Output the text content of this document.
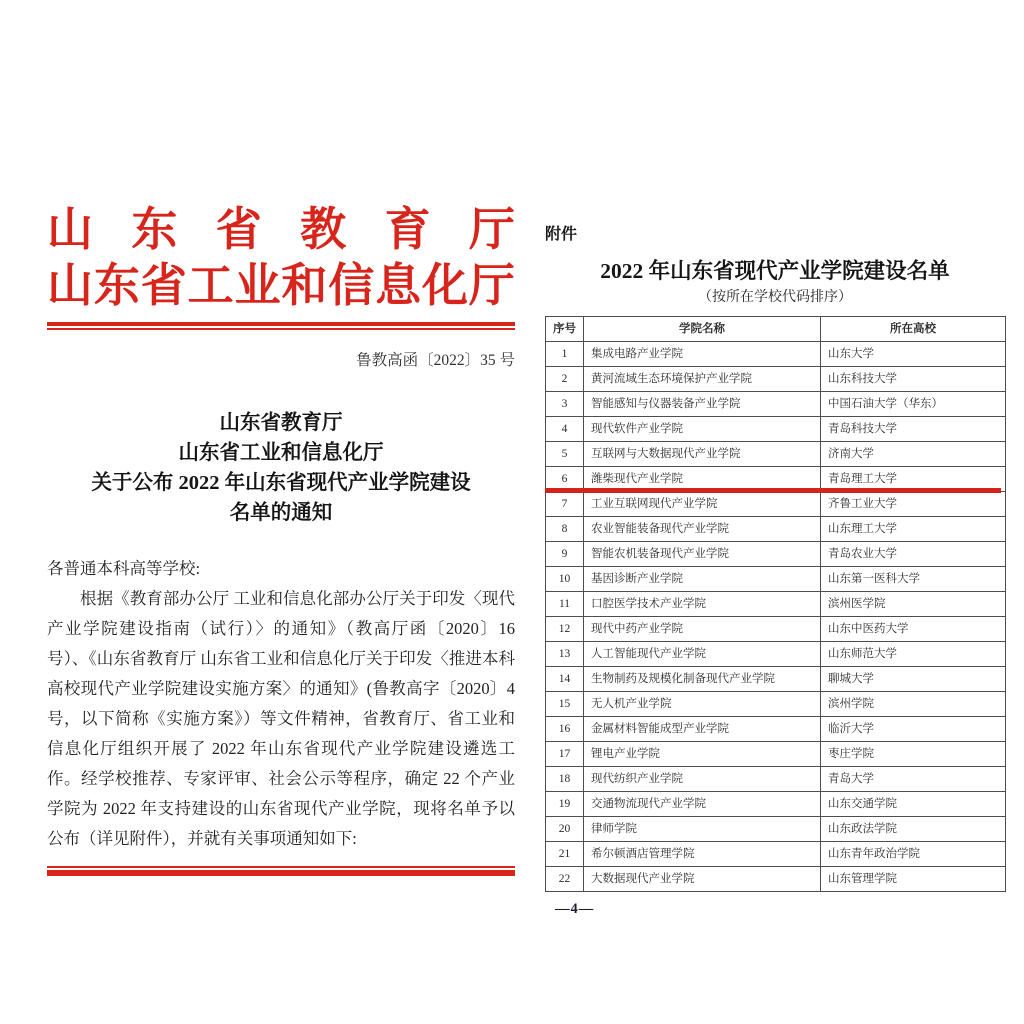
山 东 省 教 育 厅
山 东 省 工 业 和 信 息 化 厅
鲁教高函〔2022〕35 号
山东省教育厅
山东省工业和信息化厅
关于公布 2022 年山东省现代产业学院建设
名单的通知
各普通本科高等学校:
根据《教育部办公厅 工业和信息化部办公厅关于印发〈现代产业学院建设指南（试行）〉的通知》（教高厅函〔2020〕16 号）、《山东省教育厅 山东省工业和信息化厅关于印发〈推进本科高校现代产业学院建设实施方案〉的通知》(鲁教高字〔2020〕4 号，以下简称《实施方案》）等文件精神，省教育厅、省工业和信息化厅组织开展了 2022 年山东省现代产业学院建设遴选工作。经学校推荐、专家评审、社会公示等程序，确定 22 个产业学院为 2022 年支持建设的山东省现代产业学院，现将名单予以公布（详见附件），并就有关事项通知如下:
附件
2022 年山东省现代产业学院建设名单
（按所在学校代码排序）
序号	学院名称	所在高校
1	集成电路产业学院	山东大学
2	黄河流域生态环境保护产业学院	山东科技大学
3	智能感知与仪器装备产业学院	中国石油大学（华东）
4	现代软件产业学院	青岛科技大学
5	互联网与大数据现代产业学院	济南大学
6	潍柴现代产业学院	青岛理工大学
7	工业互联网现代产业学院	齐鲁工业大学
8	农业智能装备现代产业学院	山东理工大学
9	智能农机装备现代产业学院	青岛农业大学
10	基因诊断产业学院	山东第一医科大学
11	口腔医学技术产业学院	滨州医学院
12	现代中药产业学院	山东中医药大学
13	人工智能现代产业学院	山东师范大学
14	生物制药及规模化制备现代产业学院	聊城大学
15	无人机产业学院	滨州学院
16	金属材料智能成型产业学院	临沂大学
17	锂电产业学院	枣庄学院
18	现代纺织产业学院	青岛大学
19	交通物流现代产业学院	山东交通学院
20	律师学院	山东政法学院
21	希尔顿酒店管理学院	山东青年政治学院
22	大数据现代产业学院	山东管理学院
—4—
